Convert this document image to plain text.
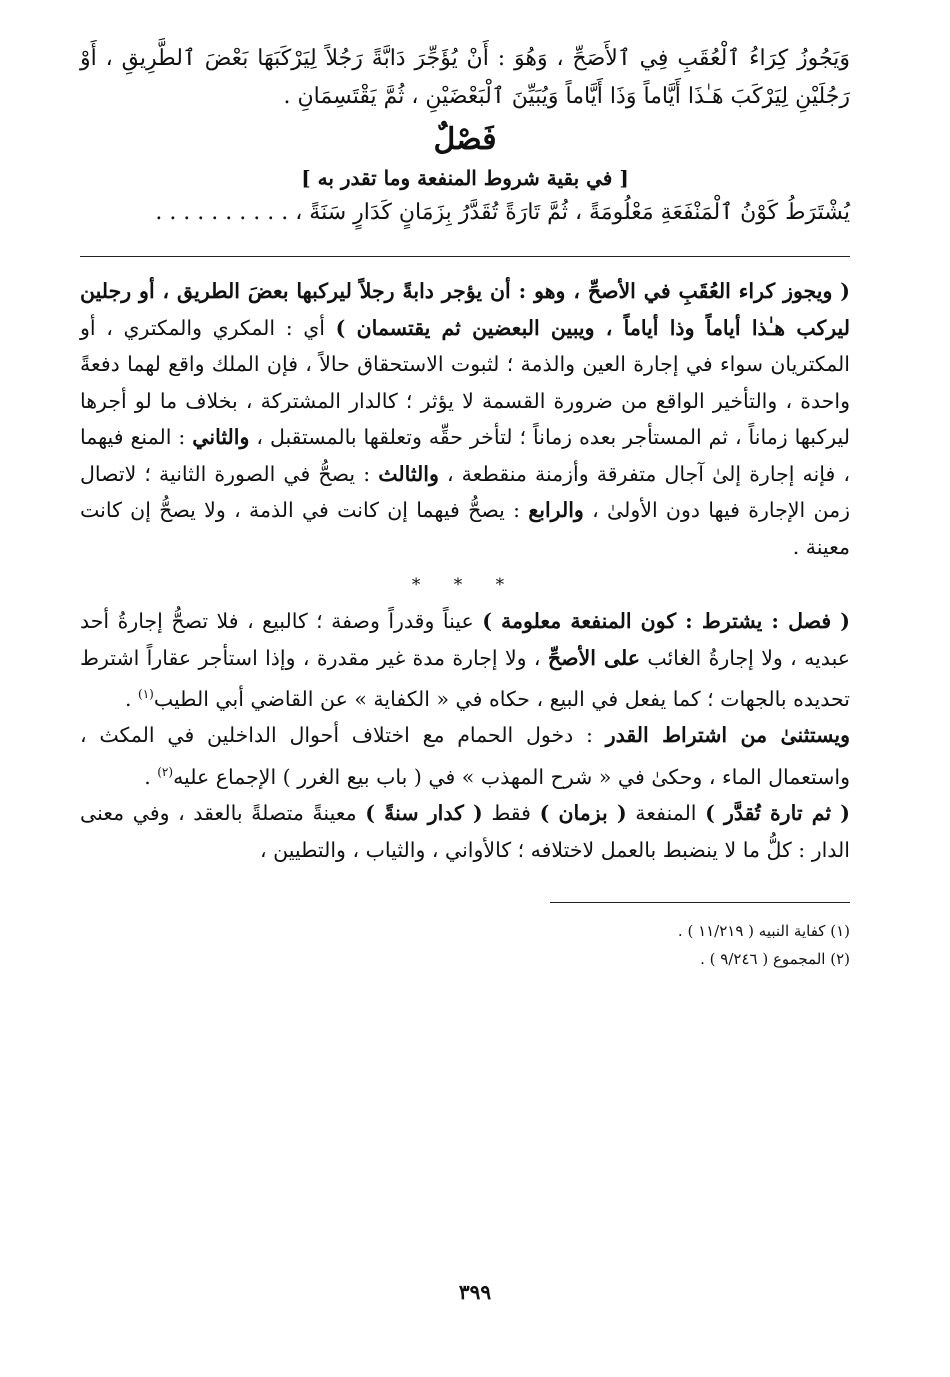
وَيَجُوزُ كِرَاءُ ٱلْعُقَبِ فِي ٱلأَصَحِّ ، وَهُوَ : أَنْ يُؤَجِّرَ دَابَّةً رَجُلاً لِيَرْكَبَهَا بَعْضَ ٱلطَّرِيقِ ، أَوْ رَجُلَيْنِ لِيَرْكَبَ هَـٰذَا أَيَّاماً وَذَا أَيَّاماً وَيُبَيِّنَ ٱلْبَعْضَيْنِ ، ثُمَّ يَقْتَسِمَانِ .

فَصْلٌ
[ في بقية شروط المنفعة وما تقدر به ]

يُشْتَرَطُ كَوْنُ ٱلْمَنْفَعَةِ مَعْلُومَةً ، ثُمَّ تَارَةً تُقَدَّرُ بِزَمَانٍ كَدَارٍ سَنَةً ، . . . . . . . . . .

( ويجوز كراء العُقَبِ في الأصحِّ ، وهو : أن يؤجر دابةً رجلاً ليركبها بعضَ الطريق ، أو رجلين ليركب هـٰذا أياماً وذا أياماً ، ويبين البعضين ثم يقتسمان ) أي : المكري والمكتري ، أو المكتريان سواء في إجارة العين والذمة ؛ لثبوت الاستحقاق حالاً ، فإن الملك واقع لهما دفعةً واحدة ، والتأخير الواقع من ضرورة القسمة لا يؤثر ؛ كالدار المشتركة ، بخلاف ما لو أجرها ليركبها زماناً ، ثم المستأجر بعده زماناً ؛ لتأخر حقِّه وتعلقها بالمستقبل ، والثاني : المنع فيهما ، فإنه إجارة إلىٰ آجال متفرقة وأزمنة منقطعة ، والثالث : يصحُّ في الصورة الثانية ؛ لاتصال زمن الإجارة فيها دون الأولىٰ ، والرابع : يصحُّ فيهما إن كانت في الذمة ، ولا يصحُّ إن كانت معينة .

* * *

( فصل : يشترط : كون المنفعة معلومة ) عيناً وقدراً وصفة ؛ كالبيع ، فلا تصحُّ إجارةُ أحد عبديه ، ولا إجارةُ الغائب على الأصحِّ ، ولا إجارة مدة غير مقدرة ، وإذا استأجر عقاراً اشترط تحديده بالجهات ؛ كما يفعل في البيع ، حكاه في « الكفاية » عن القاضي أبي الطيب$^{(١)}$ .

ويستثنىٰ من اشتراط القدر : دخول الحمام مع اختلاف أحوال الداخلين في المكث ، واستعمال الماء ، وحكىٰ في « شرح المهذب » في ( باب بيع الغرر ) الإجماع عليه$^{(٢)}$ .

( ثم تارة تُقدَّر ) المنفعة ( بزمان ) فقط ( كدار سنةً ) معينةً متصلةً بالعقد ، وفي معنى الدار : كلُّ ما لا ينضبط بالعمل لاختلافه ؛ كالأواني ، والثياب ، والتطيين ،

(١) كفاية النبيه ( ١١/٢١٩ ) .

(٢) المجموع ( ٩/٢٤٦ ) .

٣٩٩
